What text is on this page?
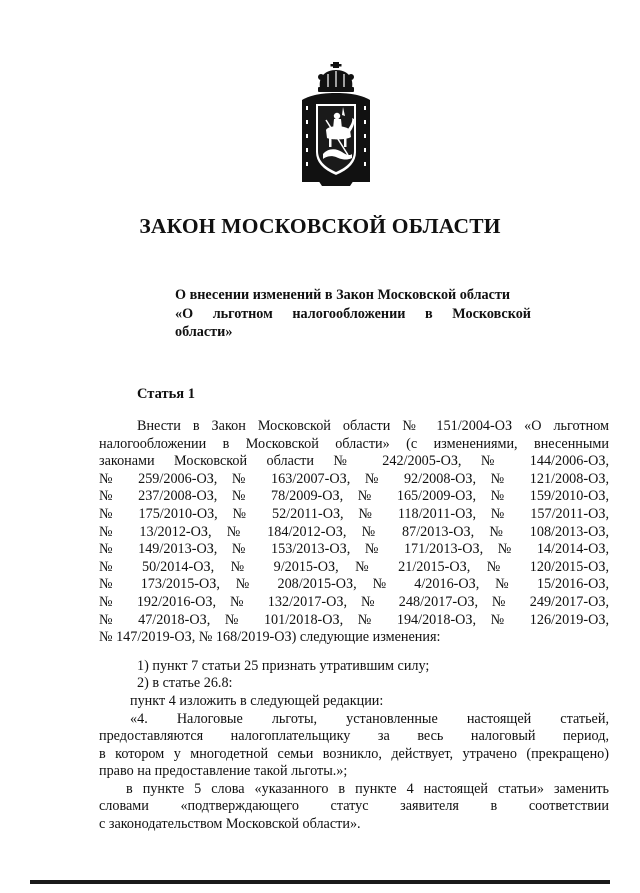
ЗАКОН МОСКОВСКОЙ ОБЛАСТИ
О внесении изменений в Закон Московской области
«О льготном налогообложении в Московской
области»
Статья 1
Внести в Закон Московской области № 151/2004-ОЗ «О льготном
налогообложении в Московской области» (с изменениями, внесенными
законами Московской области № 242/2005-ОЗ, № 144/2006-ОЗ,
№ 259/2006-ОЗ, № 163/2007-ОЗ, № 92/2008-ОЗ, № 121/2008-ОЗ,
№ 237/2008-ОЗ, № 78/2009-ОЗ, № 165/2009-ОЗ, № 159/2010-ОЗ,
№ 175/2010-ОЗ, № 52/2011-ОЗ, № 118/2011-ОЗ, № 157/2011-ОЗ,
№ 13/2012-ОЗ, № 184/2012-ОЗ, № 87/2013-ОЗ, № 108/2013-ОЗ,
№ 149/2013-ОЗ, № 153/2013-ОЗ, № 171/2013-ОЗ, № 14/2014-ОЗ,
№ 50/2014-ОЗ, № 9/2015-ОЗ, № 21/2015-ОЗ, № 120/2015-ОЗ,
№ 173/2015-ОЗ, № 208/2015-ОЗ, № 4/2016-ОЗ, № 15/2016-ОЗ,
№ 192/2016-ОЗ, № 132/2017-ОЗ, № 248/2017-ОЗ, № 249/2017-ОЗ,
№ 47/2018-ОЗ, № 101/2018-ОЗ, № 194/2018-ОЗ, № 126/2019-ОЗ,
№ 147/2019-ОЗ, № 168/2019-ОЗ) следующие изменения:
1) пункт 7 статьи 25 признать утратившим силу;
2) в статье 26.8:
пункт 4 изложить в следующей редакции:
«4. Налоговые льготы, установленные настоящей статьей,
предоставляются налогоплательщику за весь налоговый период,
в котором у многодетной семьи возникло, действует, утрачено (прекращено)
право на предоставление такой льготы.»;
в пункте 5 слова «указанного в пункте 4 настоящей статьи» заменить
словами «подтверждающего статус заявителя в соответствии
с законодательством Московской области».
